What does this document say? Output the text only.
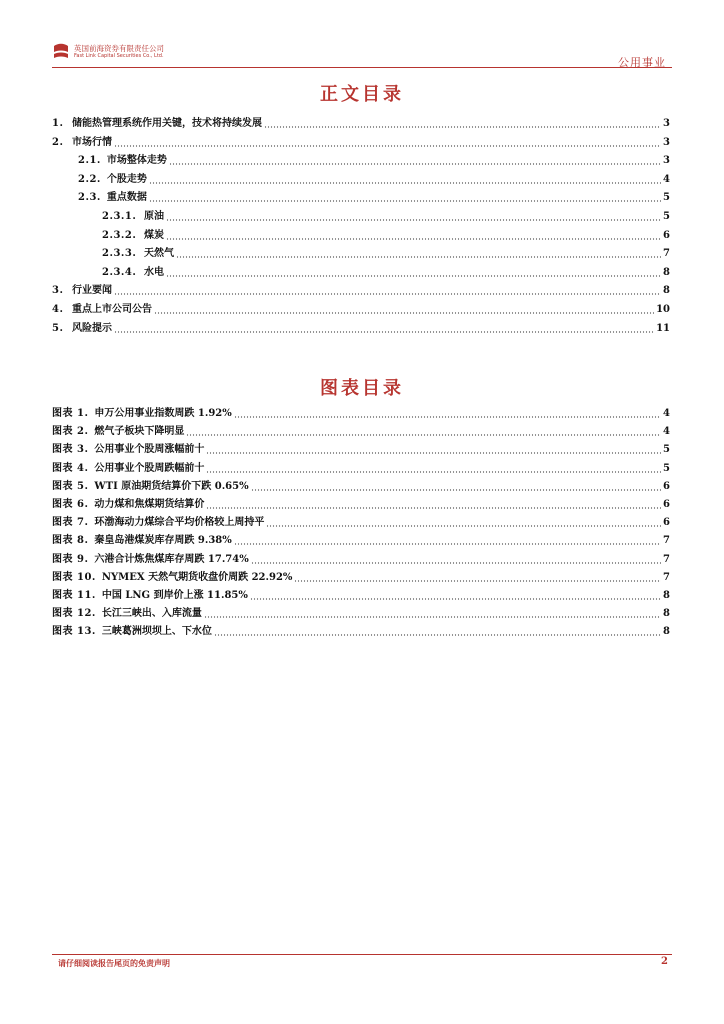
英国前海资券有限责任公司
Fast Link Capital Securities Co., Ltd.	公用事业
正文目录
1. 储能热管理系统作用关键，技术将持续发展	3
2. 市场行情	3
2.1. 市场整体走势	3
2.2. 个股走势	4
2.3. 重点数据	5
2.3.1. 原油	5
2.3.2. 煤炭	6
2.3.3. 天然气	7
2.3.4. 水电	8
3. 行业要闻	8
4. 重点上市公司公告	10
5. 风险提示	11
图表目录
图表 1. 申万公用事业指数周跌 1.92%	4
图表 2. 燃气子板块下降明显	4
图表 3. 公用事业个股周涨幅前十	5
图表 4. 公用事业个股周跌幅前十	5
图表 5. WTI 原油期货结算价下跌 0.65%	6
图表 6. 动力煤和焦煤期货结算价	6
图表 7. 环渤海动力煤综合平均价格较上周持平	6
图表 8. 秦皇岛港煤炭库存周跌 9.38%	7
图表 9. 六港合计炼焦煤库存周跌 17.74%	7
图表 10. NYMEX 天然气期货收盘价周跌 22.92%	7
图表 11. 中国 LNG 到岸价上涨 11.85%	8
图表 12. 长江三峡出、入库流量	8
图表 13. 三峡葛洲坝坝上、下水位	8
请仔细阅读报告尾页的免责声明	2
